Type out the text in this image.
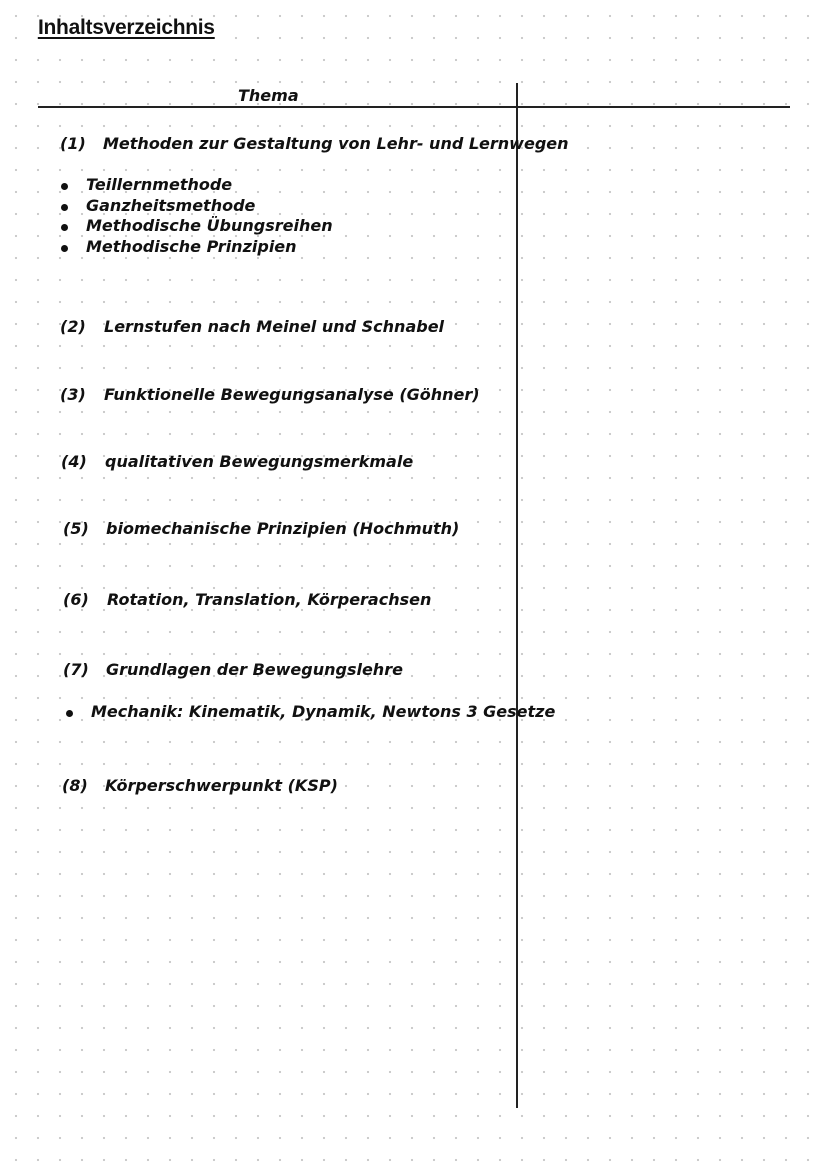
Inhaltsverzeichnis
Thema
(1) Methoden zur Gestaltung von Lehr- und Lernwegen
Teillernmethode
Ganzheitsmethode
Methodische Übungsreihen
Methodische Prinzipien
(2) Lernstufen nach Meinel und Schnabel
(3) Funktionelle Bewegungsanalyse (Göhner)
(4) qualitativen Bewegungsmerkmale
(5) biomechanische Prinzipien (Hochmuth)
(6) Rotation, Translation, Körperachsen
(7) Grundlagen der Bewegungslehre
Mechanik: Kinematik, Dynamik, Newtons 3 Gesetze
(8) Körperschwerpunkt (KSP)
